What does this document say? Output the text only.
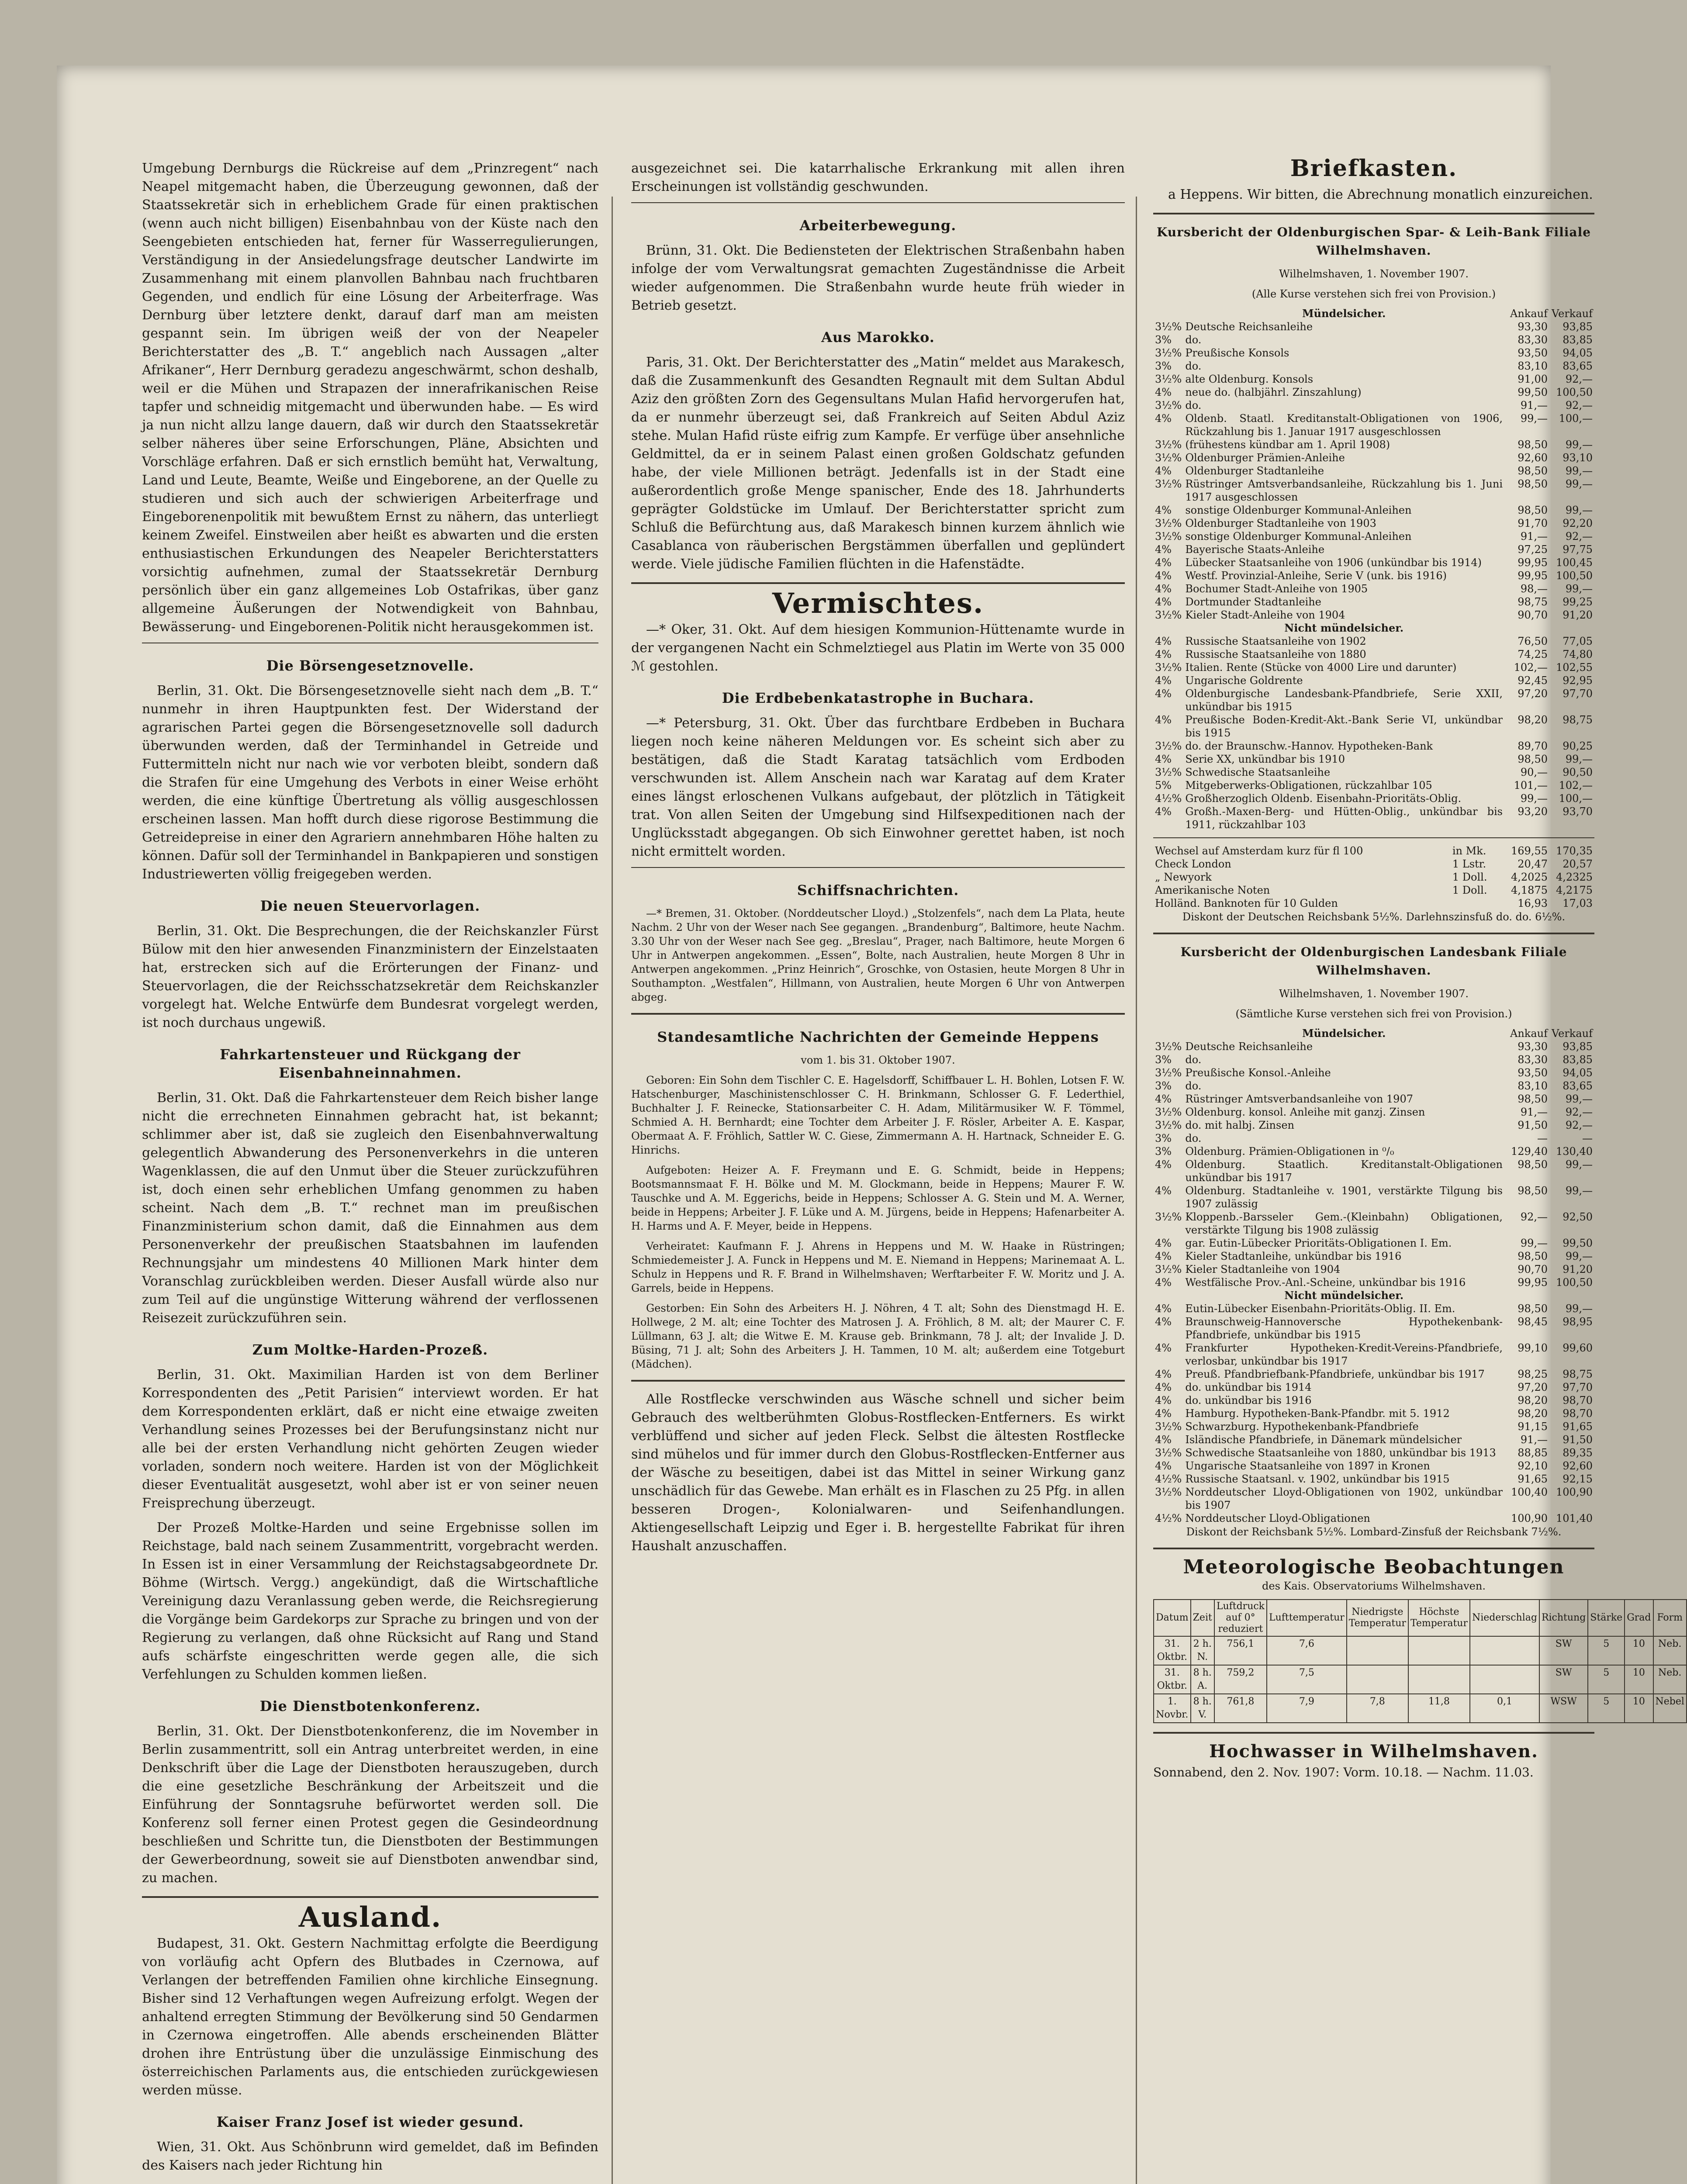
Umgebung Dernburgs die Rückreise auf dem „Prinzregent“ nach Neapel mitgemacht haben, die Überzeugung gewonnen, daß der Staatssekretär sich in erheblichem Grade für einen praktischen (wenn auch nicht billigen) Eisenbahnbau von der Küste nach den Seengebieten entschieden hat, ferner für Wasserregulierungen, Verständigung in der Ansiedelungsfrage deutscher Landwirte im Zusammenhang mit einem planvollen Bahnbau nach fruchtbaren Gegenden, und endlich für eine Lösung der Arbeiterfrage. Was Dernburg über letztere denkt, darauf darf man am meisten gespannt sein. Im übrigen weiß der von der Neapeler Berichterstatter des „B. T.“ angeblich nach Aussagen „alter Afrikaner“, Herr Dernburg geradezu angeschwärmt, schon deshalb, weil er die Mühen und Strapazen der innerafrikanischen Reise tapfer und schneidig mitgemacht und überwunden habe. — Es wird ja nun nicht allzu lange dauern, daß wir durch den Staatssekretär selber näheres über seine Erforschungen, Pläne, Absichten und Vorschläge erfahren. Daß er sich ernstlich bemüht hat, Verwaltung, Land und Leute, Beamte, Weiße und Eingeborene, an der Quelle zu studieren und sich auch der schwierigen Arbeiterfrage und Eingeborenenpolitik mit bewußtem Ernst zu nähern, das unterliegt keinem Zweifel. Einstweilen aber heißt es abwarten und die ersten enthusiastischen Erkundungen des Neapeler Berichterstatters vorsichtig aufnehmen, zumal der Staatssekretär Dernburg persönlich über ein ganz allgemeines Lob Ostafrikas, über ganz allgemeine Äußerungen der Notwendigkeit von Bahnbau, Bewässerung- und Eingeborenen-Politik nicht herausgekommen ist.

Die Börsengesetznovelle.

Berlin, 31. Okt. Die Börsengesetznovelle sieht nach dem „B. T.“ nunmehr in ihren Hauptpunkten fest. Der Widerstand der agrarischen Partei gegen die Börsengesetznovelle soll dadurch überwunden werden, daß der Terminhandel in Getreide und Futtermitteln nicht nur nach wie vor verboten bleibt, sondern daß die Strafen für eine Umgehung des Verbots in einer Weise erhöht werden, die eine künftige Übertretung als völlig ausgeschlossen erscheinen lassen. Man hofft durch diese rigorose Bestimmung die Getreidepreise in einer den Agrariern annehmbaren Höhe halten zu können. Dafür soll der Terminhandel in Bankpapieren und sonstigen Industriewerten völlig freigegeben werden.

Die neuen Steuervorlagen.

Berlin, 31. Okt. Die Besprechungen, die der Reichskanzler Fürst Bülow mit den hier anwesenden Finanzministern der Einzelstaaten hat, erstrecken sich auf die Erörterungen der Finanz- und Steuervorlagen, die der Reichsschatzsekretär dem Reichskanzler vorgelegt hat. Welche Entwürfe dem Bundesrat vorgelegt werden, ist noch durchaus ungewiß.

Fahrkartensteuer und Rückgang der Eisenbahneinnahmen.

Berlin, 31. Okt. Daß die Fahrkartensteuer dem Reich bisher lange nicht die errechneten Einnahmen gebracht hat, ist bekannt; schlimmer aber ist, daß sie zugleich den Eisenbahnverwaltung gelegentlich Abwanderung des Personenverkehrs in die unteren Wagenklassen, die auf den Unmut über die Steuer zurückzuführen ist, doch einen sehr erheblichen Umfang genommen zu haben scheint. Nach dem „B. T.“ rechnet man im preußischen Finanzministerium schon damit, daß die Einnahmen aus dem Personenverkehr der preußischen Staatsbahnen im laufenden Rechnungsjahr um mindestens 40 Millionen Mark hinter dem Voranschlag zurückbleiben werden. Dieser Ausfall würde also nur zum Teil auf die ungünstige Witterung während der verflossenen Reisezeit zurückzuführen sein.

Zum Moltke-Harden-Prozeß.

Berlin, 31. Okt. Maximilian Harden ist von dem Berliner Korrespondenten des „Petit Parisien“ interviewt worden. Er hat dem Korrespondenten erklärt, daß er nicht eine etwaige zweiten Verhandlung seines Prozesses bei der Berufungsinstanz nicht nur alle bei der ersten Verhandlung nicht gehörten Zeugen wieder vorladen, sondern noch weitere. Harden ist von der Möglichkeit dieser Eventualität ausgesetzt, wohl aber ist er von seiner neuen Freisprechung überzeugt.

Der Prozeß Moltke-Harden und seine Ergebnisse sollen im Reichstage, bald nach seinem Zusammentritt, vorgebracht werden. In Essen ist in einer Versammlung der Reichstagsabgeordnete Dr. Böhme (Wirtsch. Vergg.) angekündigt, daß die Wirtschaftliche Vereinigung dazu Veranlassung geben werde, die Reichsregierung die Vorgänge beim Gardekorps zur Sprache zu bringen und von der Regierung zu verlangen, daß ohne Rücksicht auf Rang und Stand aufs schärfste eingeschritten werde gegen alle, die sich Verfehlungen zu Schulden kommen ließen.

Die Dienstbotenkonferenz.

Berlin, 31. Okt. Der Dienstbotenkonferenz, die im November in Berlin zusammentritt, soll ein Antrag unterbreitet werden, in eine Denkschrift über die Lage der Dienstboten herauszugeben, durch die eine gesetzliche Beschränkung der Arbeitszeit und die Einführung der Sonntagsruhe befürwortet werden soll. Die Konferenz soll ferner einen Protest gegen die Gesindeordnung beschließen und Schritte tun, die Dienstboten der Bestimmungen der Gewerbeordnung, soweit sie auf Dienstboten anwendbar sind, zu machen.

Ausland.

Budapest, 31. Okt. Gestern Nachmittag erfolgte die Beerdigung von vorläufig acht Opfern des Blutbades in Czernowa, auf Verlangen der betreffenden Familien ohne kirchliche Einsegnung. Bisher sind 12 Verhaftungen wegen Aufreizung erfolgt. Wegen der anhaltend erregten Stimmung der Bevölkerung sind 50 Gendarmen in Czernowa eingetroffen. Alle abends erscheinenden Blätter drohen ihre Entrüstung über die unzulässige Einmischung des österreichischen Parlaments aus, die entschieden zurückgewiesen werden müsse.

Kaiser Franz Josef ist wieder gesund.

Wien, 31. Okt. Aus Schönbrunn wird gemeldet, daß im Befinden des Kaisers nach jeder Richtung hin

ausgezeichnet sei. Die katarrhalische Erkrankung mit allen ihren Erscheinungen ist vollständig geschwunden.

Arbeiterbewegung.

Brünn, 31. Okt. Die Bediensteten der Elektrischen Straßenbahn haben infolge der vom Verwaltungsrat gemachten Zugeständnisse die Arbeit wieder aufgenommen. Die Straßenbahn wurde heute früh wieder in Betrieb gesetzt.

Aus Marokko.

Paris, 31. Okt. Der Berichterstatter des „Matin“ meldet aus Marakesch, daß die Zusammenkunft des Gesandten Regnault mit dem Sultan Abdul Aziz den größten Zorn des Gegensultans Mulan Hafid hervorgerufen hat, da er nunmehr überzeugt sei, daß Frankreich auf Seiten Abdul Aziz stehe. Mulan Hafid rüste eifrig zum Kampfe. Er verfüge über ansehnliche Geldmittel, da er in seinem Palast einen großen Goldschatz gefunden habe, der viele Millionen beträgt. Jedenfalls ist in der Stadt eine außerordentlich große Menge spanischer, Ende des 18. Jahrhunderts geprägter Goldstücke im Umlauf. Der Berichterstatter spricht zum Schluß die Befürchtung aus, daß Marakesch binnen kurzem ähnlich wie Casablanca von räuberischen Bergstämmen überfallen und geplündert werde. Viele jüdische Familien flüchten in die Hafenstädte.

Vermischtes.

—* Oker, 31. Okt. Auf dem hiesigen Kommunion-Hüttenamte wurde in der vergangenen Nacht ein Schmelztiegel aus Platin im Werte von 35 000 ℳ gestohlen.

Die Erdbebenkatastrophe in Buchara.

—* Petersburg, 31. Okt. Über das furchtbare Erdbeben in Buchara liegen noch keine näheren Meldungen vor. Es scheint sich aber zu bestätigen, daß die Stadt Karatag tatsächlich vom Erdboden verschwunden ist. Allem Anschein nach war Karatag auf dem Krater eines längst erloschenen Vulkans aufgebaut, der plötzlich in Tätigkeit trat. Von allen Seiten der Umgebung sind Hilfsexpeditionen nach der Unglücksstadt abgegangen. Ob sich Einwohner gerettet haben, ist noch nicht ermittelt worden.

Schiffsnachrichten.

—* Bremen, 31. Oktober. (Norddeutscher Lloyd.) „Stolzenfels“, nach dem La Plata, heute Nachm. 2 Uhr von der Weser nach See gegangen. „Brandenburg“, Baltimore, heute Nachm. 3.30 Uhr von der Weser nach See geg. „Breslau“, Prager, nach Baltimore, heute Morgen 6 Uhr in Antwerpen angekommen. „Essen“, Bolte, nach Australien, heute Morgen 8 Uhr in Antwerpen angekommen. „Prinz Heinrich“, Groschke, von Ostasien, heute Morgen 8 Uhr in Southampton. „Westfalen“, Hillmann, von Australien, heute Morgen 6 Uhr von Antwerpen abgeg.

Standesamtliche Nachrichten der Gemeinde Heppens

vom 1. bis 31. Oktober 1907.

Geboren: Ein Sohn dem Tischler C. E. Hagelsdorff, Schiffbauer L. H. Bohlen, Lotsen F. W. Hatschenburger, Maschinistenschlosser C. H. Brinkmann, Schlosser G. F. Lederthiel, Buchhalter J. F. Reinecke, Stationsarbeiter C. H. Adam, Militärmusiker W. F. Tömmel, Schmied A. H. Bernhardt; eine Tochter dem Arbeiter J. F. Rösler, Arbeiter A. E. Kaspar, Obermaat A. F. Fröhlich, Sattler W. C. Giese, Zimmermann A. H. Hartnack, Schneider E. G. Hinrichs.

Aufgeboten: Heizer A. F. Freymann und E. G. Schmidt, beide in Heppens; Bootsmannsmaat F. H. Bölke und M. M. Glockmann, beide in Heppens; Maurer F. W. Tauschke und A. M. Eggerichs, beide in Heppens; Schlosser A. G. Stein und M. A. Werner, beide in Heppens; Arbeiter J. F. Lüke und A. M. Jürgens, beide in Heppens; Hafenarbeiter A. H. Harms und A. F. Meyer, beide in Heppens.

Verheiratet: Kaufmann F. J. Ahrens in Heppens und M. W. Haake in Rüstringen; Schmiedemeister J. A. Funck in Heppens und M. E. Niemand in Heppens; Marinemaat A. L. Schulz in Heppens und R. F. Brand in Wilhelmshaven; Werftarbeiter F. W. Moritz und J. A. Garrels, beide in Heppens.

Gestorben: Ein Sohn des Arbeiters H. J. Nöhren, 4 T. alt; Sohn des Dienstmagd H. E. Hollwege, 2 M. alt; eine Tochter des Matrosen J. A. Fröhlich, 8 M. alt; der Maurer C. F. Lüllmann, 63 J. alt; die Witwe E. M. Krause geb. Brinkmann, 78 J. alt; der Invalide J. D. Büsing, 71 J. alt; Sohn des Arbeiters J. H. Tammen, 10 M. alt; außerdem eine Totgeburt (Mädchen).

Alle Rostflecke verschwinden aus Wäsche schnell und sicher beim Gebrauch des weltberühmten Globus-Rostflecken-Entferners. Es wirkt verblüffend und sicher auf jeden Fleck. Selbst die ältesten Rostflecke sind mühelos und für immer durch den Globus-Rostflecken-Entferner aus der Wäsche zu beseitigen, dabei ist das Mittel in seiner Wirkung ganz unschädlich für das Gewebe. Man erhält es in Flaschen zu 25 Pfg. in allen besseren Drogen-, Kolonialwaren- und Seifenhandlungen. Aktiengesellschaft Leipzig und Eger i. B. hergestellte Fabrikat für ihren Haushalt anzuschaffen.

Briefkasten.

a Heppens. Wir bitten, die Abrechnung monatlich einzureichen.

Kursbericht der Oldenburgischen Spar- & Leih-Bank Filiale Wilhelmshaven.

Wilhelmshaven, 1. November 1907.

(Alle Kurse verstehen sich frei von Provision.)

	Mündelsicher.	Ankauf	Verkauf
3½%	Deutsche Reichsanleihe	93,30	93,85
3%	do.	83,30	83,85
3½%	Preußische Konsols	93,50	94,05
3%	do.	83,10	83,65
3½%	alte Oldenburg. Konsols	91,00	92,—
4%	neue do. (halbjährl. Zinszahlung)	99,50	100,50
3½%	do.	91,—	92,—
4%	Oldenb. Staatl. Kreditanstalt-Obligationen von 1906, Rückzahlung bis 1. Januar 1917 ausgeschlossen	99,—	100,—
3½%	(frühestens kündbar am 1. April 1908)	98,50	99,—
3½%	Oldenburger Prämien-Anleihe	92,60	93,10
4%	Oldenburger Stadtanleihe	98,50	99,—
3½%	Rüstringer Amtsverbandsanleihe, Rückzahlung bis 1. Juni 1917 ausgeschlossen	98,50	99,—
4%	sonstige Oldenburger Kommunal-Anleihen	98,50	99,—
3½%	Oldenburger Stadtanleihe von 1903	91,70	92,20
3½%	sonstige Oldenburger Kommunal-Anleihen	91,—	92,—
4%	Bayerische Staats-Anleihe	97,25	97,75
4%	Lübecker Staatsanleihe von 1906 (unkündbar bis 1914)	99,95	100,45
4%	Westf. Provinzial-Anleihe, Serie V (unk. bis 1916)	99,95	100,50
4%	Bochumer Stadt-Anleihe von 1905	98,—	99,—
4%	Dortmunder Stadtanleihe	98,75	99,25
3½%	Kieler Stadt-Anleihe von 1904	90,70	91,20
	Nicht mündelsicher.		
4%	Russische Staatsanleihe von 1902	76,50	77,05
4%	Russische Staatsanleihe von 1880	74,25	74,80
3½%	Italien. Rente (Stücke von 4000 Lire und darunter)	102,—	102,55
4%	Ungarische Goldrente	92,45	92,95
4%	Oldenburgische Landesbank-Pfandbriefe, Serie XXII, unkündbar bis 1915	97,20	97,70
4%	Preußische Boden-Kredit-Akt.-Bank Serie VI, unkündbar bis 1915	98,20	98,75
3½%	do. der Braunschw.-Hannov. Hypotheken-Bank	89,70	90,25
4%	Serie XX, unkündbar bis 1910	98,50	99,—
3½%	Schwedische Staatsanleihe	90,—	90,50
5%	Mitgeberwerks-Obligationen, rückzahlbar 105	101,—	102,—
4½%	Großherzoglich Oldenb. Eisenbahn-Prioritäts-Oblig.	99,—	100,—
4%	Großh.-Maxen-Berg- und Hütten-Oblig., unkündbar bis 1911, rückzahlbar 103	93,20	93,70
Wechsel auf Amsterdam kurz für fl 100	in Mk.	169,55	170,35
Check London	1 Lstr.	20,47	20,57
„ Newyork	1 Doll.	4,2025	4,2325
Amerikanische Noten	1 Doll.	4,1875	4,2175
Holländ. Banknoten für 10 Gulden		16,93	17,03

Diskont der Deutschen Reichsbank 5½%. Darlehnszinsfuß do. do. 6½%.

Kursbericht der Oldenburgischen Landesbank Filiale Wilhelmshaven.

Wilhelmshaven, 1. November 1907.

(Sämtliche Kurse verstehen sich frei von Provision.)

	Mündelsicher.	Ankauf	Verkauf
3½%	Deutsche Reichsanleihe	93,30	93,85
3%	do.	83,30	83,85
3½%	Preußische Konsol.-Anleihe	93,50	94,05
3%	do.	83,10	83,65
4%	Rüstringer Amtsverbandsanleihe von 1907	98,50	99,—
3½%	Oldenburg. konsol. Anleihe mit ganzj. Zinsen	91,—	92,—
3½%	do. mit halbj. Zinsen	91,50	92,—
3%	do.	—	—
3%	Oldenburg. Prämien-Obligationen in ⁰/₀	129,40	130,40
4%	Oldenburg. Staatlich. Kreditanstalt-Obligationen unkündbar bis 1917	98,50	99,—
4%	Oldenburg. Stadtanleihe v. 1901, verstärkte Tilgung bis 1907 zulässig	98,50	99,—
3½%	Kloppenb.-Barsseler Gem.-(Kleinbahn) Obligationen, verstärkte Tilgung bis 1908 zulässig	92,—	92,50
4%	gar. Eutin-Lübecker Prioritäts-Obligationen I. Em.	99,—	99,50
4%	Kieler Stadtanleihe, unkündbar bis 1916	98,50	99,—
3½%	Kieler Stadtanleihe von 1904	90,70	91,20
4%	Westfälische Prov.-Anl.-Scheine, unkündbar bis 1916	99,95	100,50
	Nicht mündelsicher.		
4%	Eutin-Lübecker Eisenbahn-Prioritäts-Oblig. II. Em.	98,50	99,—
4%	Braunschweig-Hannoversche Hypothekenbank-Pfandbriefe, unkündbar bis 1915	98,45	98,95
4%	Frankfurter Hypotheken-Kredit-Vereins-Pfandbriefe, verlosbar, unkündbar bis 1917	99,10	99,60
4%	Preuß. Pfandbriefbank-Pfandbriefe, unkündbar bis 1917	98,25	98,75
4%	do. unkündbar bis 1914	97,20	97,70
4%	do. unkündbar bis 1916	98,20	98,70
4%	Hamburg. Hypotheken-Bank-Pfandbr. mit 5. 1912	98,20	98,70
3½%	Schwarzburg. Hypothekenbank-Pfandbriefe	91,15	91,65
4%	Isländische Pfandbriefe, in Dänemark mündelsicher	91,—	91,50
3½%	Schwedische Staatsanleihe von 1880, unkündbar bis 1913	88,85	89,35
4%	Ungarische Staatsanleihe von 1897 in Kronen	92,10	92,60
4½%	Russische Staatsanl. v. 1902, unkündbar bis 1915	91,65	92,15
3½%	Norddeutscher Lloyd-Obligationen von 1902, unkündbar bis 1907	100,40	100,90
4½%	Norddeutscher Lloyd-Obligationen	100,90	101,40

Diskont der Reichsbank 5½%. Lombard-Zinsfuß der Reichsbank 7½%.

Meteorologische Beobachtungen

des Kais. Observatoriums Wilhelmshaven.

Datum	Zeit	Luftdruck auf 0° reduziert	Lufttemperatur	Niedrigste Temperatur	Höchste Temperatur	Niederschlag	Richtung	Stärke	Grad	Form
31. Oktbr.	2 h. N.	756,1	7,6				SW	5	10	Neb.
31. Oktbr.	8 h. A.	759,2	7,5				SW	5	10	Neb.
1. Novbr.	8 h. V.	761,8	7,9	7,8	11,8	0,1	WSW	5	10	Nebel
Hochwasser in Wilhelmshaven.

Sonnabend, den 2. Nov. 1907: Vorm. 10.18. — Nachm. 11.03.
